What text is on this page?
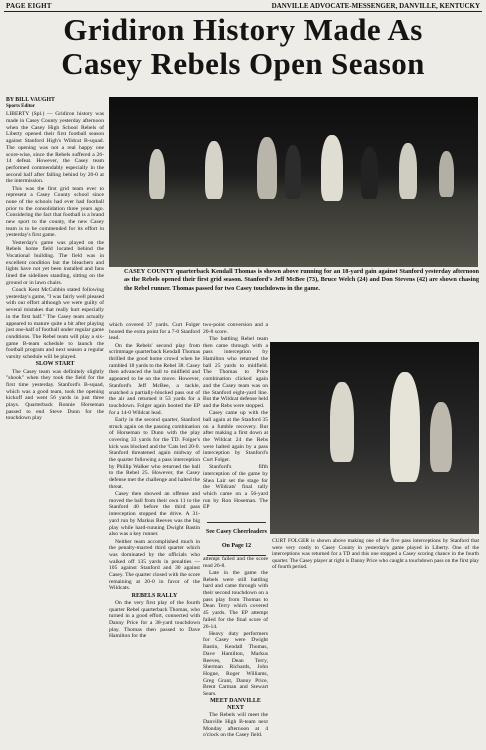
PAGE EIGHT	DANVILLE ADVOCATE-MESSENGER, DANVILLE, KENTUCKY
Gridiron History Made As
Casey Rebels Open Season

BY BILL VAUGHT

Sports Editor

LIBERTY (Spl.) — Gridiron history was made in Casey County yesterday afternoon when the Casey High School Rebels of Liberty opened their first football season against Stanford High's Wildcat B-squad. The opening was not a real happy one score-wise, since the Rebels suffered a 26-14 defeat. However, the Casey team performed commendably especially in the second half after falling behind by 20-0 at the intermission.

This was the first grid team ever to represent a Casey County school since none of the schools had ever had football prior to the consolidation three years ago. Considering the fact that football is a brand new sport to the county, the new Casey team is to be commended for its effort in yesterday's first game.

Yesterday's game was played on the Rebels home field located behind the Vocational building. The field was in excellent condition but the bleachers and lights have not yet been installed and fans lined the sidelines standing, sitting on the ground or in lawn chairs.

Coach Kent McCubbin stated following yesterday's game, "I was fairly well pleased with our effort although we were guilty of several mistakes that really hurt especially in the first half." The Casey team actually appeared to mature quite a bit after playing just one-half of football under regular game conditions. The Rebel team will play a six-game B-team schedule to launch the football program and next season a regular varsity schedule will be played.

SLOW START

The Casey team was definitely slightly "shook" when they took the field for the first time yesterday. Stanford's B-squad, which was a good team, took the opening kickoff and went 56 yards in just three plays. Quarterback Ronnie Horseman passed to end Steve Dunn for the touchdown play

CASEY COUNTY quarterback Kendall Thomas is shown above running for an 18-yard gain against Stanford yesterday afternoon as the Rebels opened their first grid season. Stanford's Jeff McBee (73), Bruce Welch (24) and Don Stevens (42) are shown chasing the Rebel runner. Thomas passed for two Casey touchdowns in the game.

which covered 37 yards. Curt Folger booted the extra point for a 7-0 Stanford lead.

On the Rebels' second play from scrimmage quarterback Kendall Thomas thrilled the good home crowd when he rambled 18 yards to the Rebel 38. Casey then advanced the ball to midfield and appeared to be on the move. However, Stanford's Jeff McBee, a tackle, snatched a partially-blocked pass out of the air and returned it 53 yards for a touchdown. Folger again booted the EP for a 14-0 Wildcat lead.

Early in the second quarter, Stanford struck again on the passing combination of Horseman to Dunn with the play covering 33 yards for the TD. Folger's kick was blocked and the 'Cats led 20-0. Stanford threatened again midway of the quarter following a pass interception by Phillip Walker who returned the ball to the Rebel 25. However, the Casey defense met the challenge and halted the threat.

Casey then showed an offense and moved the ball from their own 11 to the Stanford 40 before the third pass interception stopped the drive. A 31-yard run by Markus Reeves was the big play while hard-running Dwight Bastin also was a key runner.

Neither team accomplished much in the penalty-marred third quarter which was dominated by the officials who walked off 135 yards in penalties — 105 against Stanford and 30 against Casey. The quarter closed with the score remaining at 20-0 in favor of the Wildcats.

REBELS RALLY

On the very first play of the fourth quarter Rebel quarterback Thomas, who turned in a good effort, connected with Danny Price for a 38-yard touchdown play. Thomas then passed to Dave Hamilton for the

two-point conversion and a 20-8 score.

The battling Rebel team then came through with a pass interception by Hamilton who returned the ball 25 yards to midfield. The Thomas to Price combination clicked again and the Casey team was on the Stanford eight-yard line. But the Wildcat defense held and the Rebs were stopped.

Casey came up with the ball again at the Stanford 35 on a fumble recovery. But after making a first down at the Wildcat 24 the Rebs were halted again by a pass interception by Stanford's Curt Folger.

Stanford's fifth interception of the game by Shea Lair set the stage for the Wildcats' final tally which came on a 56-yard run by Ron Hoseman. The EP

See Casey Cheerleaders
On Page 12

attempt failed and the score read 26-8.

Late in the game the Rebels were still battling hard and came through with their second touchdown on a pass play from Thomas to Dean Terry which covered 45 yards. The EP attempt failed for the final score of 26-14.

Heavy duty performers for Casey were Dwight Bastin, Kendall Thomas, Dave Hamilton, Markus Reeves, Dean Terry, Sherman Richards, John Hogue, Roger Williams, Greg Grant, Danny Price, Brent Carman and Stewart Sears.

MEET DANVILLE NEXT

The Rebels will meet the Danville High B-team next Monday afternoon at 4 o'clock on the Casey field.

CURT FOLGER is shown above making one of the five pass interceptions by Stanford that were very costly to Casey County in yesterday's game played in Liberty. One of the interceptions was returned for a TD and this one stopped a Casey scoring chance in the fourth quarter. The Casey player at right is Danny Price who caught a touchdown pass on the first play of fourth period.
